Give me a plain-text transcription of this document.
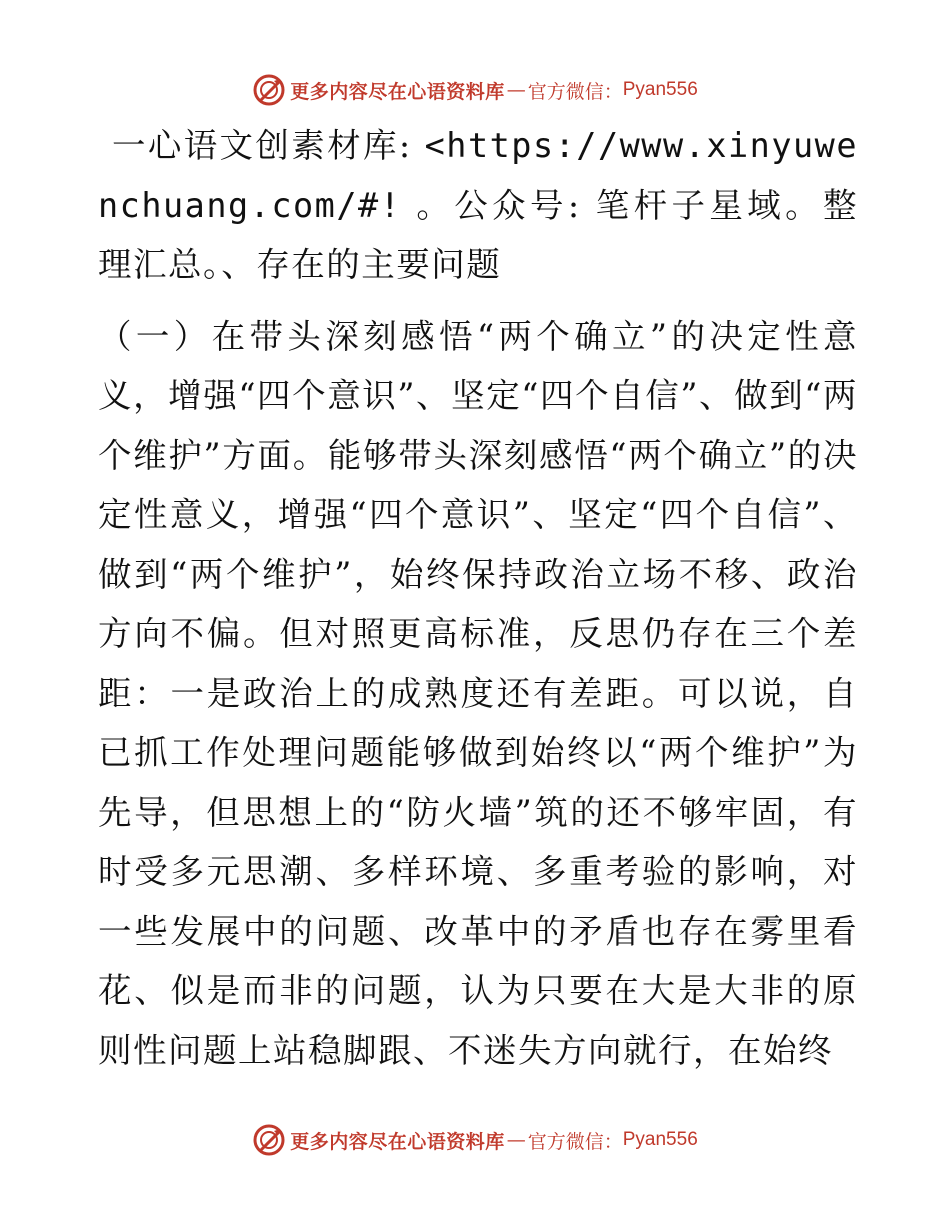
更多内容尽在心语资料库 — 官方微信： Pyan556

一心语文创素材库: <https://www.xinyuwenchuang.com/#! 。公众号: 笔杆子星域。整理汇总。、存在的主要问题

（一）在带头深刻感悟“两个确立”的决定性意义，增强“四个意识”、坚定“四个自信”、做到“两个维护”方面。能够带头深刻感悟“两个确立”的决定性意义，增强“四个意识”、坚定“四个自信”、做到“两个维护”，始终保持政治立场不移、政治方向不偏。但对照更高标准，反思仍存在三个差距：一是政治上的成熟度还有差距。可以说，自已抓工作处理问题能够做到始终以“两个维护”为先导，但思想上的“防火墙”筑的还不够牢固，有时受多元思潮、多样环境、多重考验的影响，对一些发展中的问题、改革中的矛盾也存在雾里看花、似是而非的问题，认为只要在大是大非的原则性问题上站稳脚跟、不迷失方向就行，在始终

更多内容尽在心语资料库 — 官方微信： Pyan556
